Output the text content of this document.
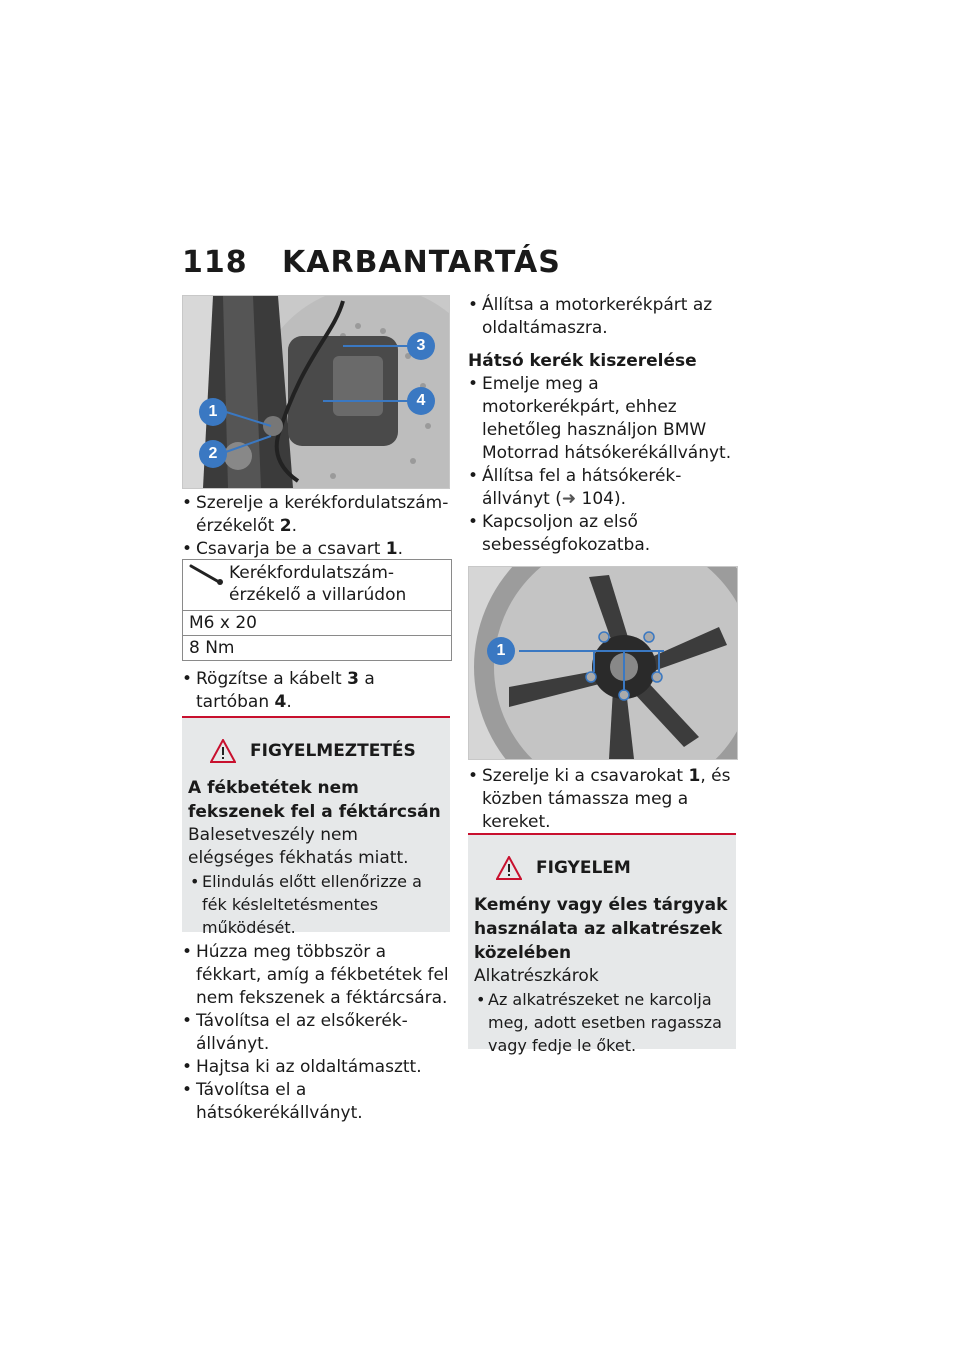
118 KARBANTARTÁS
1
2
3
4
• Szerelje a kerékfordulatszám-érzékelőt 2.
• Csavarja be a csavart 1.
Kerékfordulatszám-érzékelő a villarúdon
M6 x 20
8 Nm
• Rögzítse a kábelt 3 a tartóban 4.
FIGYELMEZTETÉS
A fékbetétek nem fekszenek fel a féktárcsán
Balesetveszély nem elégséges fékhatás miatt.
• Elindulás előtt ellenőrizze a fék késleltetésmentes működését.
• Húzza meg többször a fékkart, amíg a fékbetétek fel nem fekszenek a féktárcsára.
• Távolítsa el az elsőkerék-állványt.
• Hajtsa ki az oldaltámasztt.
• Távolítsa el a hátsókerékállványt.
• Állítsa a motorkerékpárt az oldaltámaszra.
Hátsó kerék kiszerelése
• Emelje meg a motorkerékpárt, ehhez lehetőleg használjon BMW Motorrad hátsókerékállványt.
• Állítsa fel a hátsókerék-állványt (➜ 104).
• Kapcsoljon az első sebességfokozatba.
1
• Szerelje ki a csavarokat 1, és közben támassza meg a kereket.
FIGYELEM
Kemény vagy éles tárgyak használata az alkatrészek közelében
Alkatrészkárok
• Az alkatrészeket ne karcolja meg, adott esetben ragassza vagy fedje le őket.
